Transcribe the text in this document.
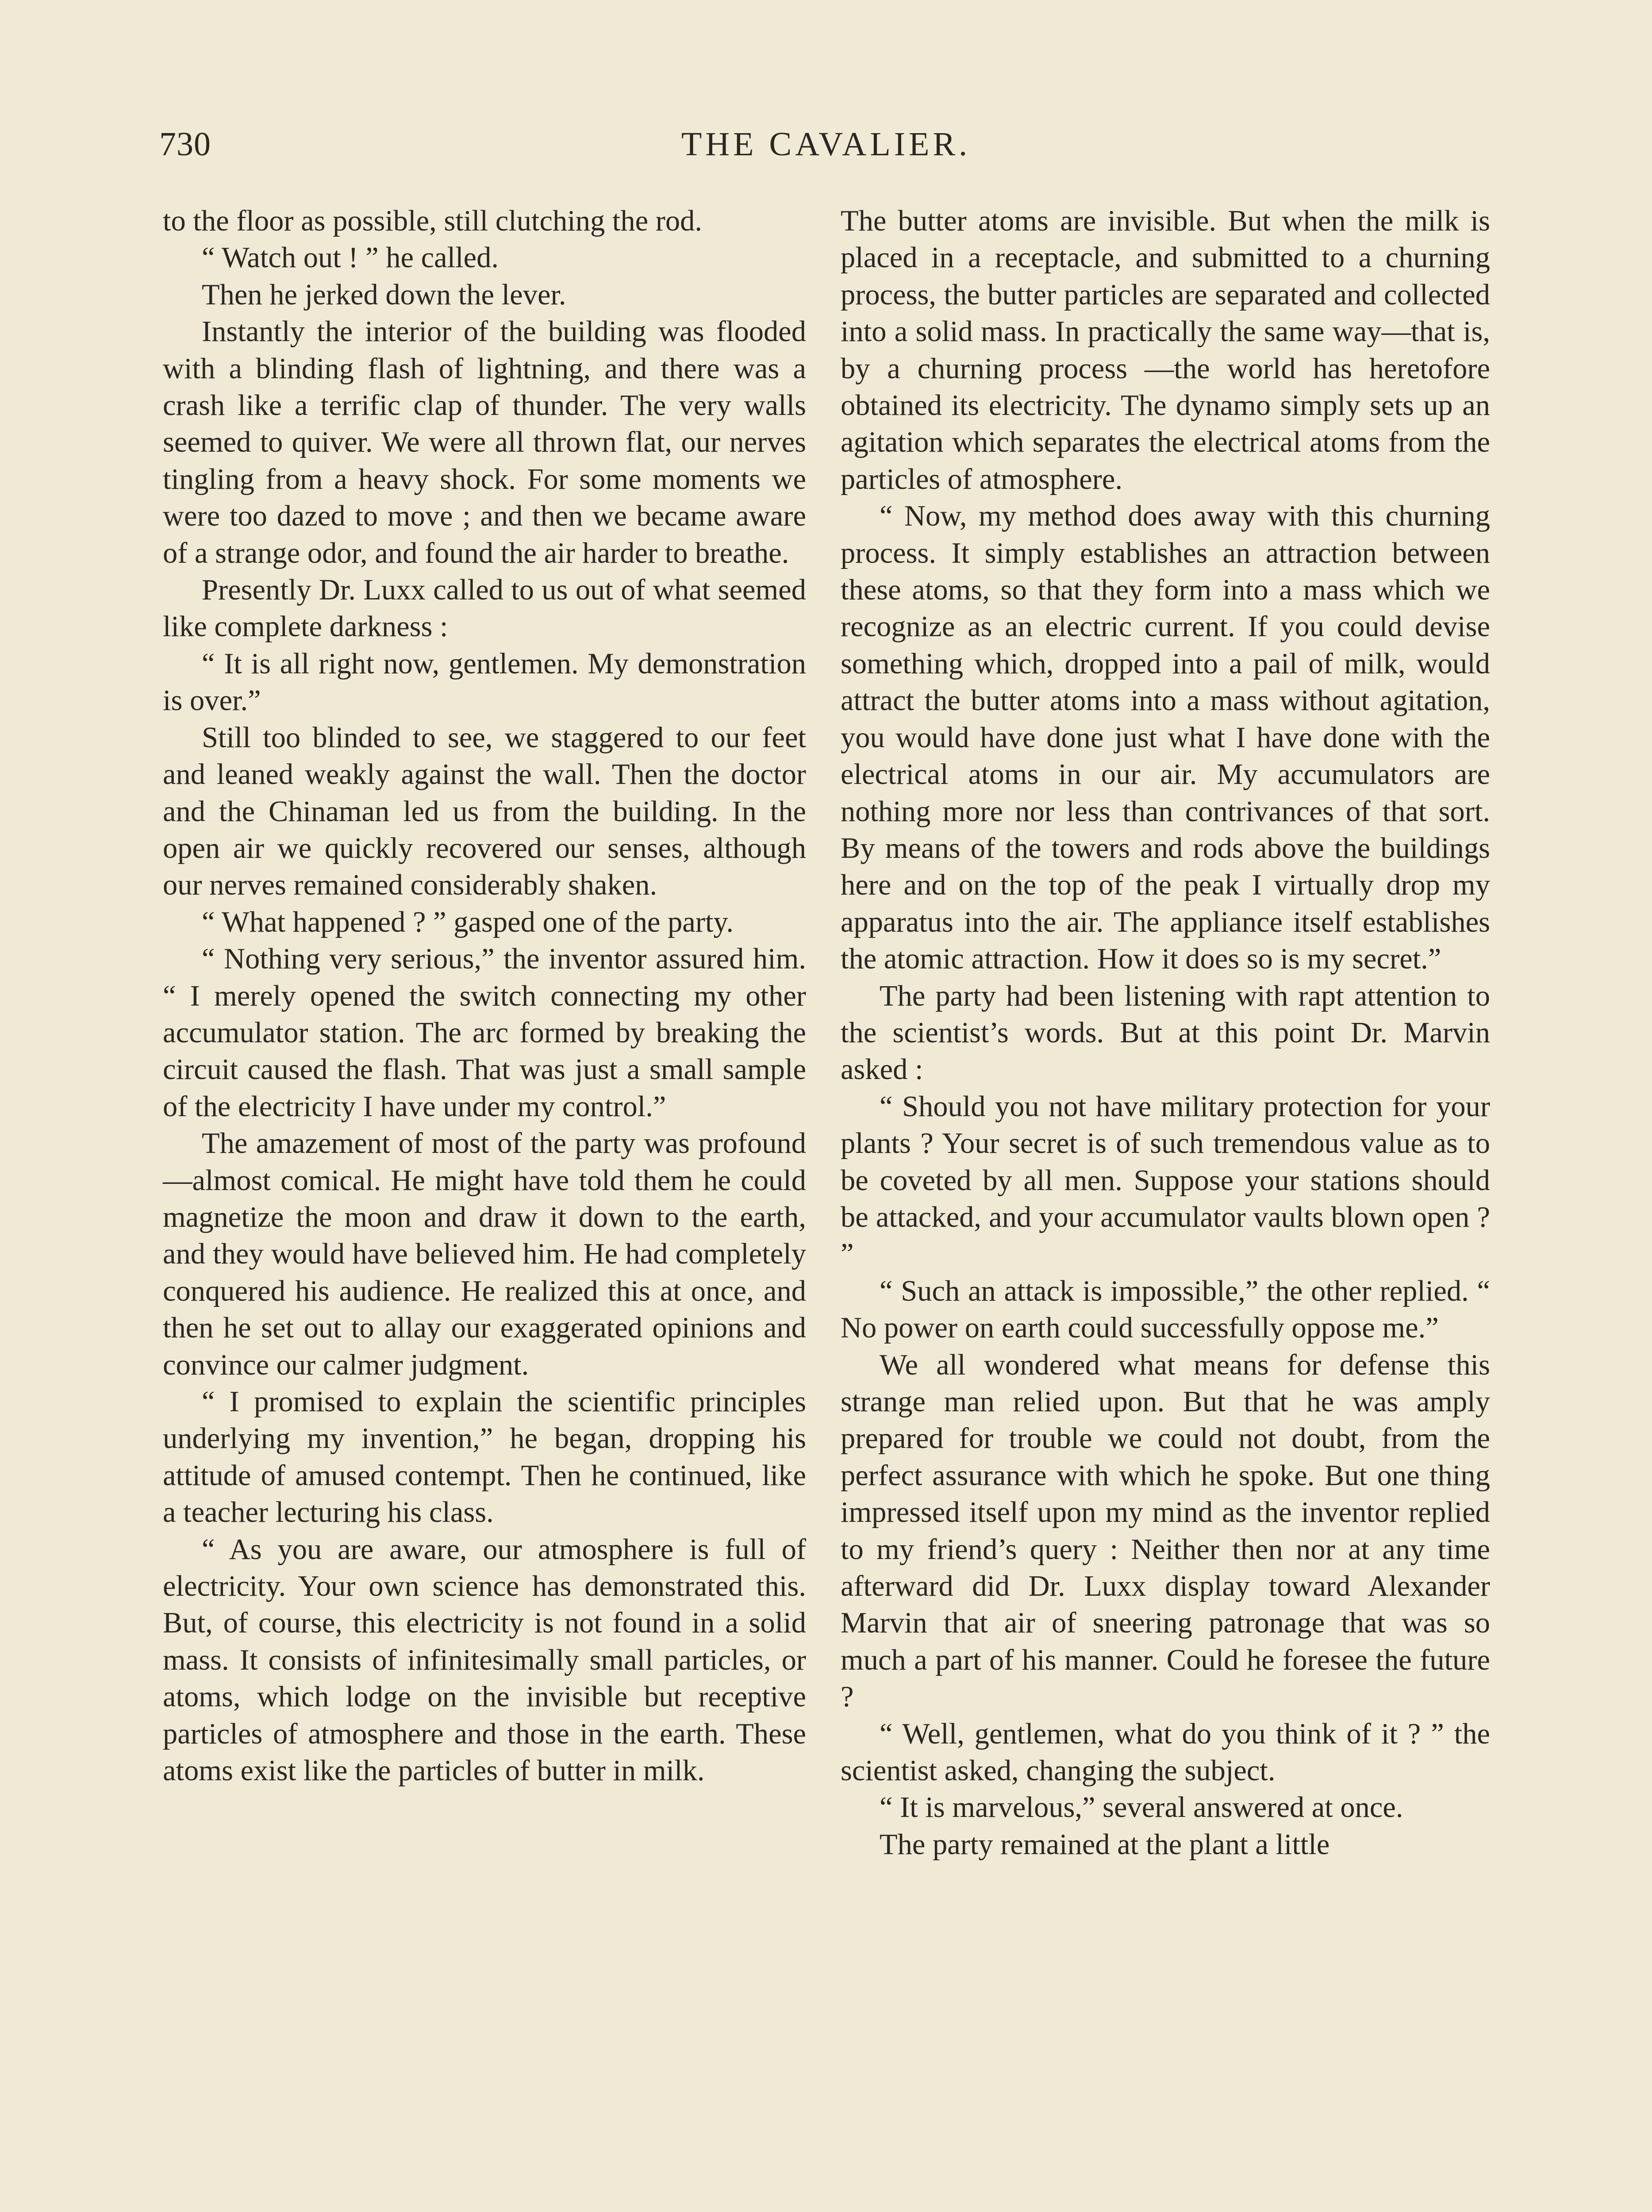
730	THE CAVALIER.

to the floor as possible, still clutching the rod.

“ Watch out ! ” he called.

Then he jerked down the lever.

Instantly the interior of the building was flooded with a blinding flash of lightning, and there was a crash like a terrific clap of thunder. The very walls seemed to quiver. We were all thrown flat, our nerves tingling from a heavy shock. For some moments we were too dazed to move ; and then we became aware of a strange odor, and found the air harder to breathe.

Presently Dr. Luxx called to us out of what seemed like complete darkness :

“ It is all right now, gentlemen. My demonstration is over.”

Still too blinded to see, we staggered to our feet and leaned weakly against the wall. Then the doctor and the Chinaman led us from the building. In the open air we quickly recovered our senses, although our nerves remained considerably shaken.

“ What happened ? ” gasped one of the party.

“ Nothing very serious,” the inventor assured him. “ I merely opened the switch connecting my other accumulator station. The arc formed by breaking the circuit caused the flash. That was just a small sample of the electricity I have under my control.”

The amazement of most of the party was profound—almost comical. He might have told them he could magnetize the moon and draw it down to the earth, and they would have believed him. He had completely conquered his audience. He realized this at once, and then he set out to allay our exaggerated opinions and convince our calmer judgment.

“ I promised to explain the scientific principles underlying my invention,” he began, dropping his attitude of amused contempt. Then he continued, like a teacher lecturing his class.

“ As you are aware, our atmosphere is full of electricity. Your own science has demonstrated this. But, of course, this electricity is not found in a solid mass. It consists of infinitesimally small particles, or atoms, which lodge on the invisible but receptive particles of atmosphere and those in the earth. These atoms exist like the particles of butter in milk.

The butter atoms are invisible. But when the milk is placed in a receptacle, and submitted to a churning process, the butter particles are separated and collected into a solid mass. In practically the same way—that is, by a churning process —the world has heretofore obtained its electricity. The dynamo simply sets up an agitation which separates the electrical atoms from the particles of atmosphere.

“ Now, my method does away with this churning process. It simply establishes an attraction between these atoms, so that they form into a mass which we recognize as an electric current. If you could devise something which, dropped into a pail of milk, would attract the butter atoms into a mass without agitation, you would have done just what I have done with the electrical atoms in our air. My accumulators are nothing more nor less than contrivances of that sort. By means of the towers and rods above the buildings here and on the top of the peak I virtually drop my apparatus into the air. The appliance itself establishes the atomic attraction. How it does so is my secret.”

The party had been listening with rapt attention to the scientist’s words. But at this point Dr. Marvin asked :

“ Should you not have military protection for your plants ? Your secret is of such tremendous value as to be coveted by all men. Suppose your stations should be attacked, and your accumulator vaults blown open ? ”

“ Such an attack is impossible,” the other replied. “ No power on earth could successfully oppose me.”

We all wondered what means for defense this strange man relied upon. But that he was amply prepared for trouble we could not doubt, from the perfect assurance with which he spoke. But one thing impressed itself upon my mind as the inventor replied to my friend’s query : Neither then nor at any time afterward did Dr. Luxx display toward Alexander Marvin that air of sneering patronage that was so much a part of his manner. Could he foresee the future ?

“ Well, gentlemen, what do you think of it ? ” the scientist asked, changing the subject.

“ It is marvelous,” several answered at once.

The party remained at the plant a little
